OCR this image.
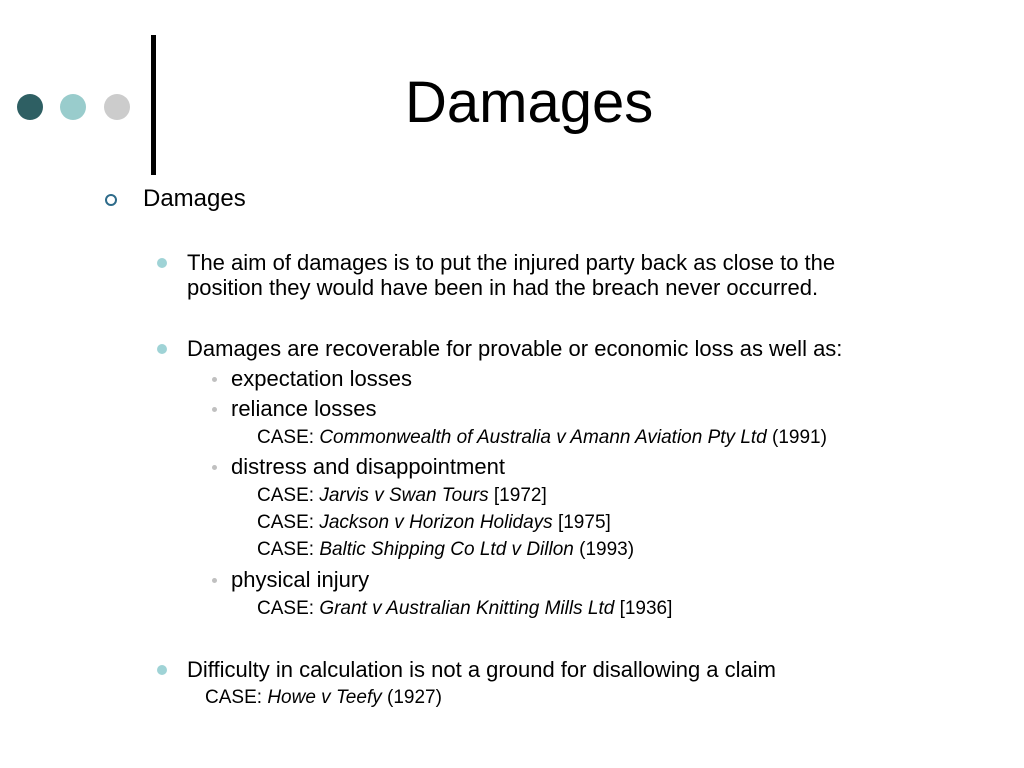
Damages
Damages
The aim of damages is to put the injured party back as close to the
position they would have been in had the breach never occurred.
Damages are recoverable for provable or economic loss as well as:
expectation losses
reliance losses
CASE: Commonwealth of Australia v Amann Aviation Pty Ltd (1991)
distress and disappointment
CASE: Jarvis v Swan Tours [1972]
CASE: Jackson v Horizon Holidays [1975]
CASE: Baltic Shipping Co Ltd v Dillon (1993)
physical injury
CASE: Grant v Australian Knitting Mills Ltd [1936]
Difficulty in calculation is not a ground for disallowing a claim
CASE: Howe v Teefy (1927)
